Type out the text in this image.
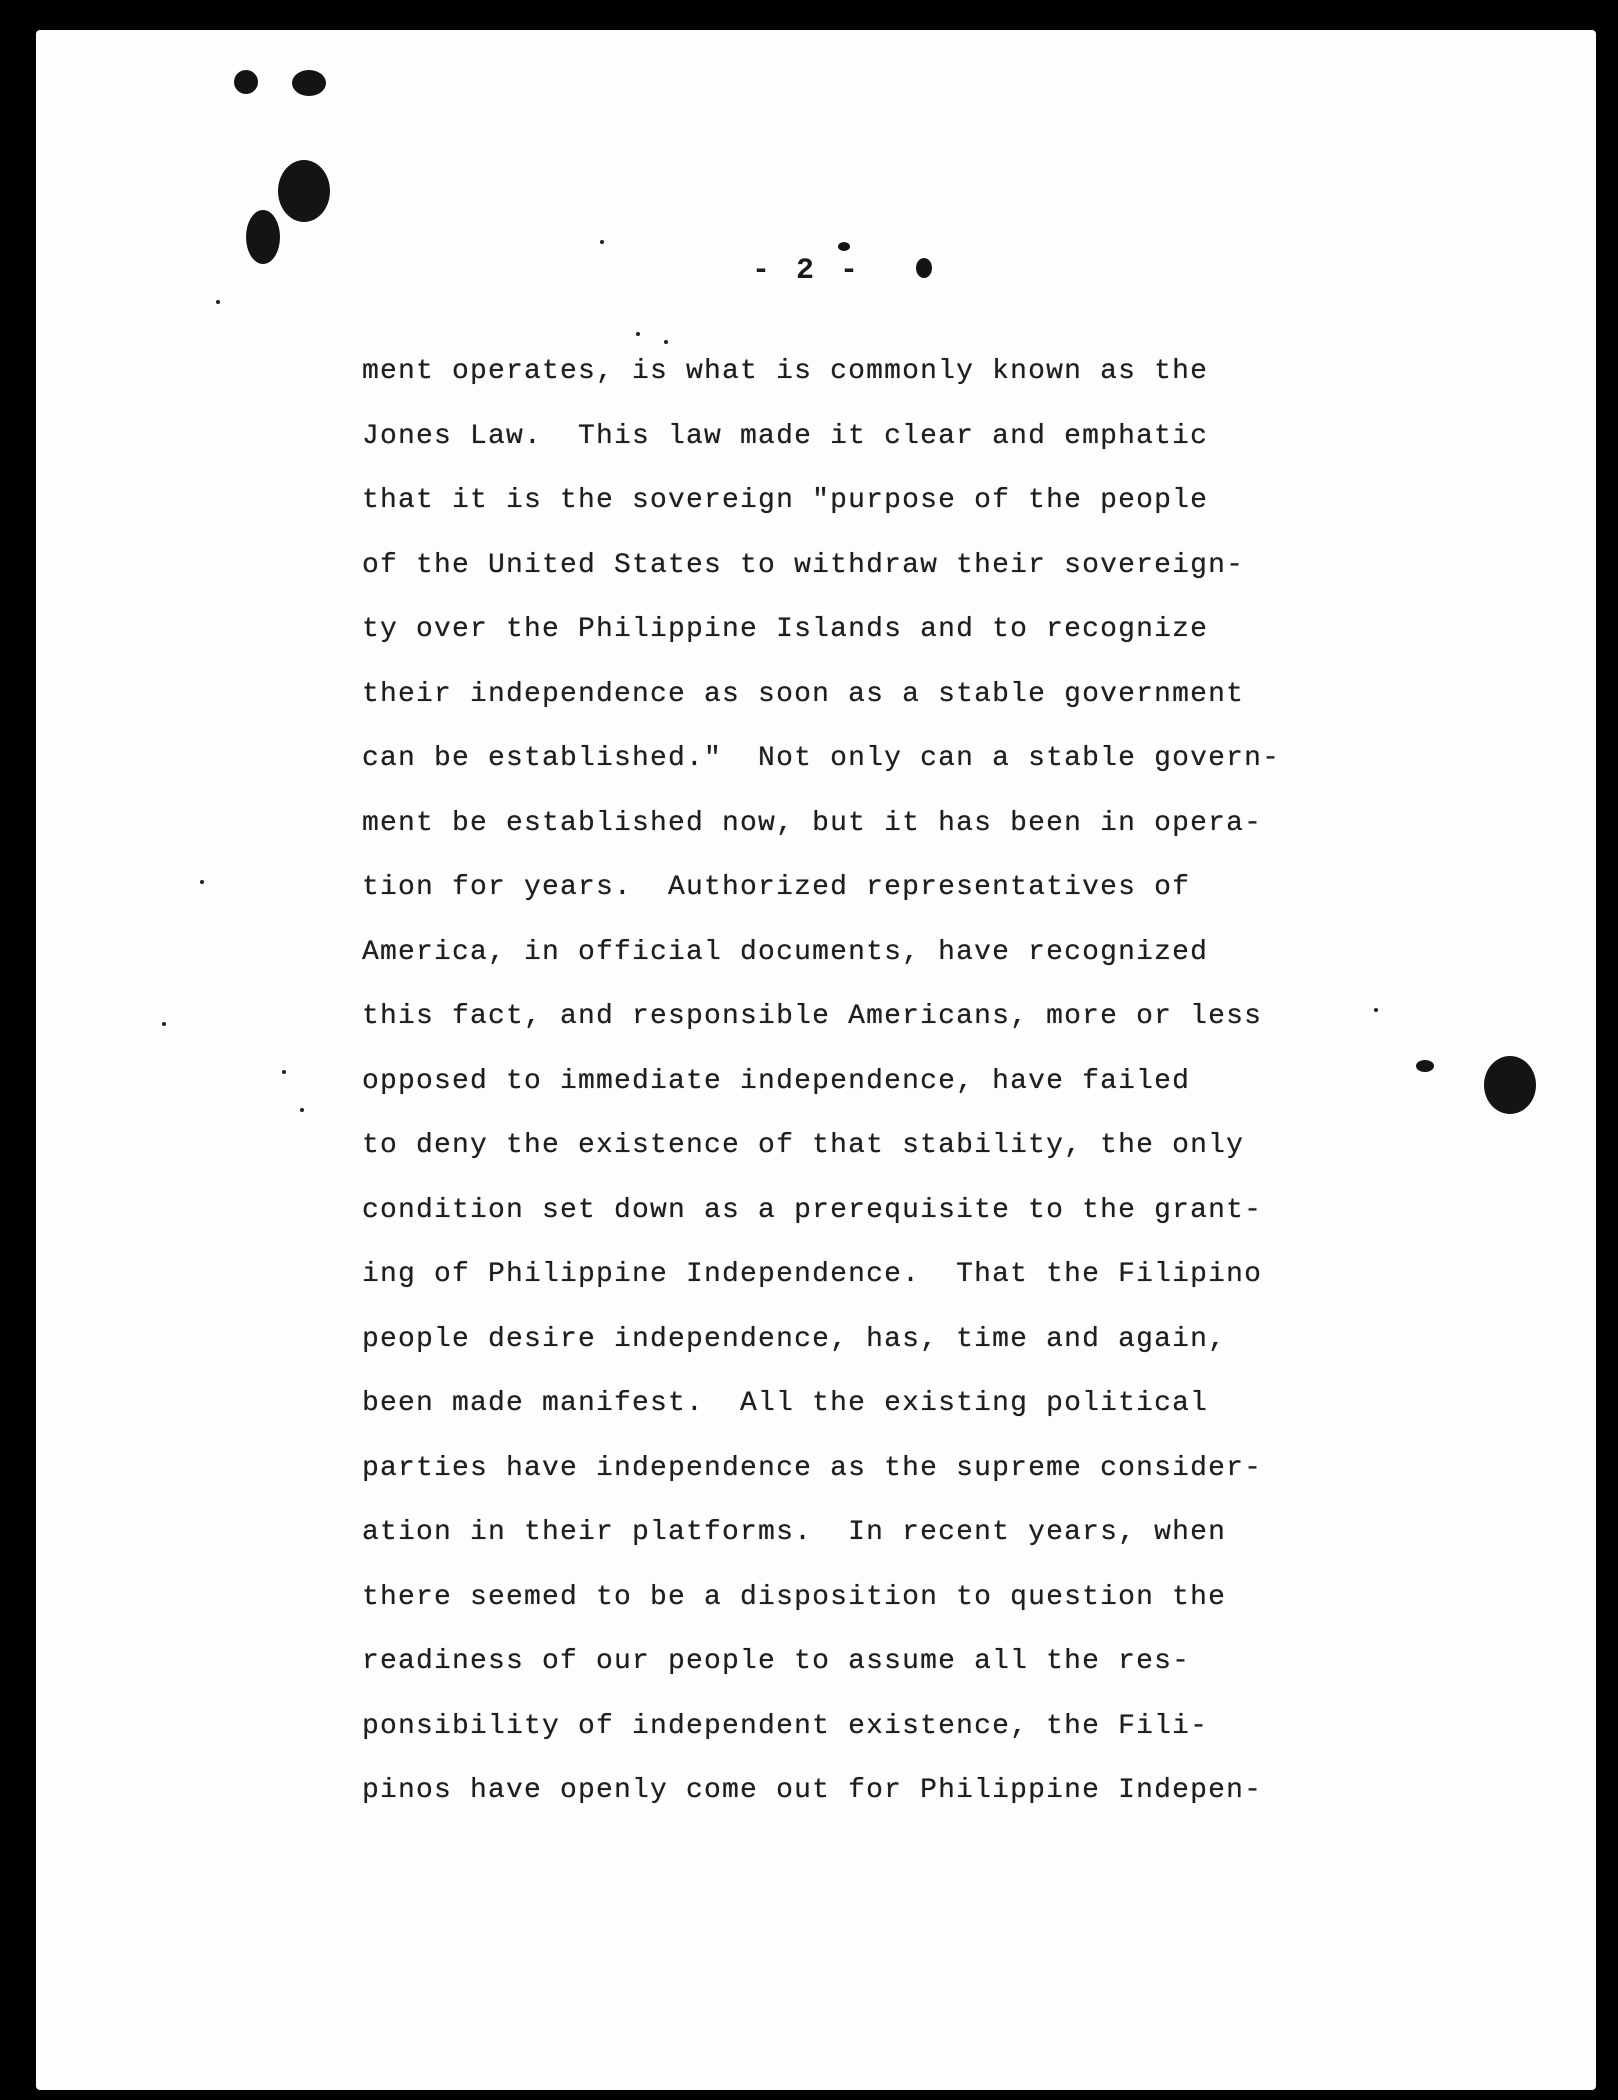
- 2 -

ment operates, is what is commonly known as the
Jones Law.  This law made it clear and emphatic
that it is the sovereign "purpose of the people
of the United States to withdraw their sovereign-
ty over the Philippine Islands and to recognize
their independence as soon as a stable government
can be established."  Not only can a stable govern-
ment be established now, but it has been in opera-
tion for years.  Authorized representatives of
America, in official documents, have recognized
this fact, and responsible Americans, more or less
opposed to immediate independence, have failed
to deny the existence of that stability, the only
condition set down as a prerequisite to the grant-
ing of Philippine Independence.  That the Filipino
people desire independence, has, time and again,
been made manifest.  All the existing political
parties have independence as the supreme consider-
ation in their platforms.  In recent years, when
there seemed to be a disposition to question the
readiness of our people to assume all the res-
ponsibility of independent existence, the Fili-
pinos have openly come out for Philippine Indepen-
